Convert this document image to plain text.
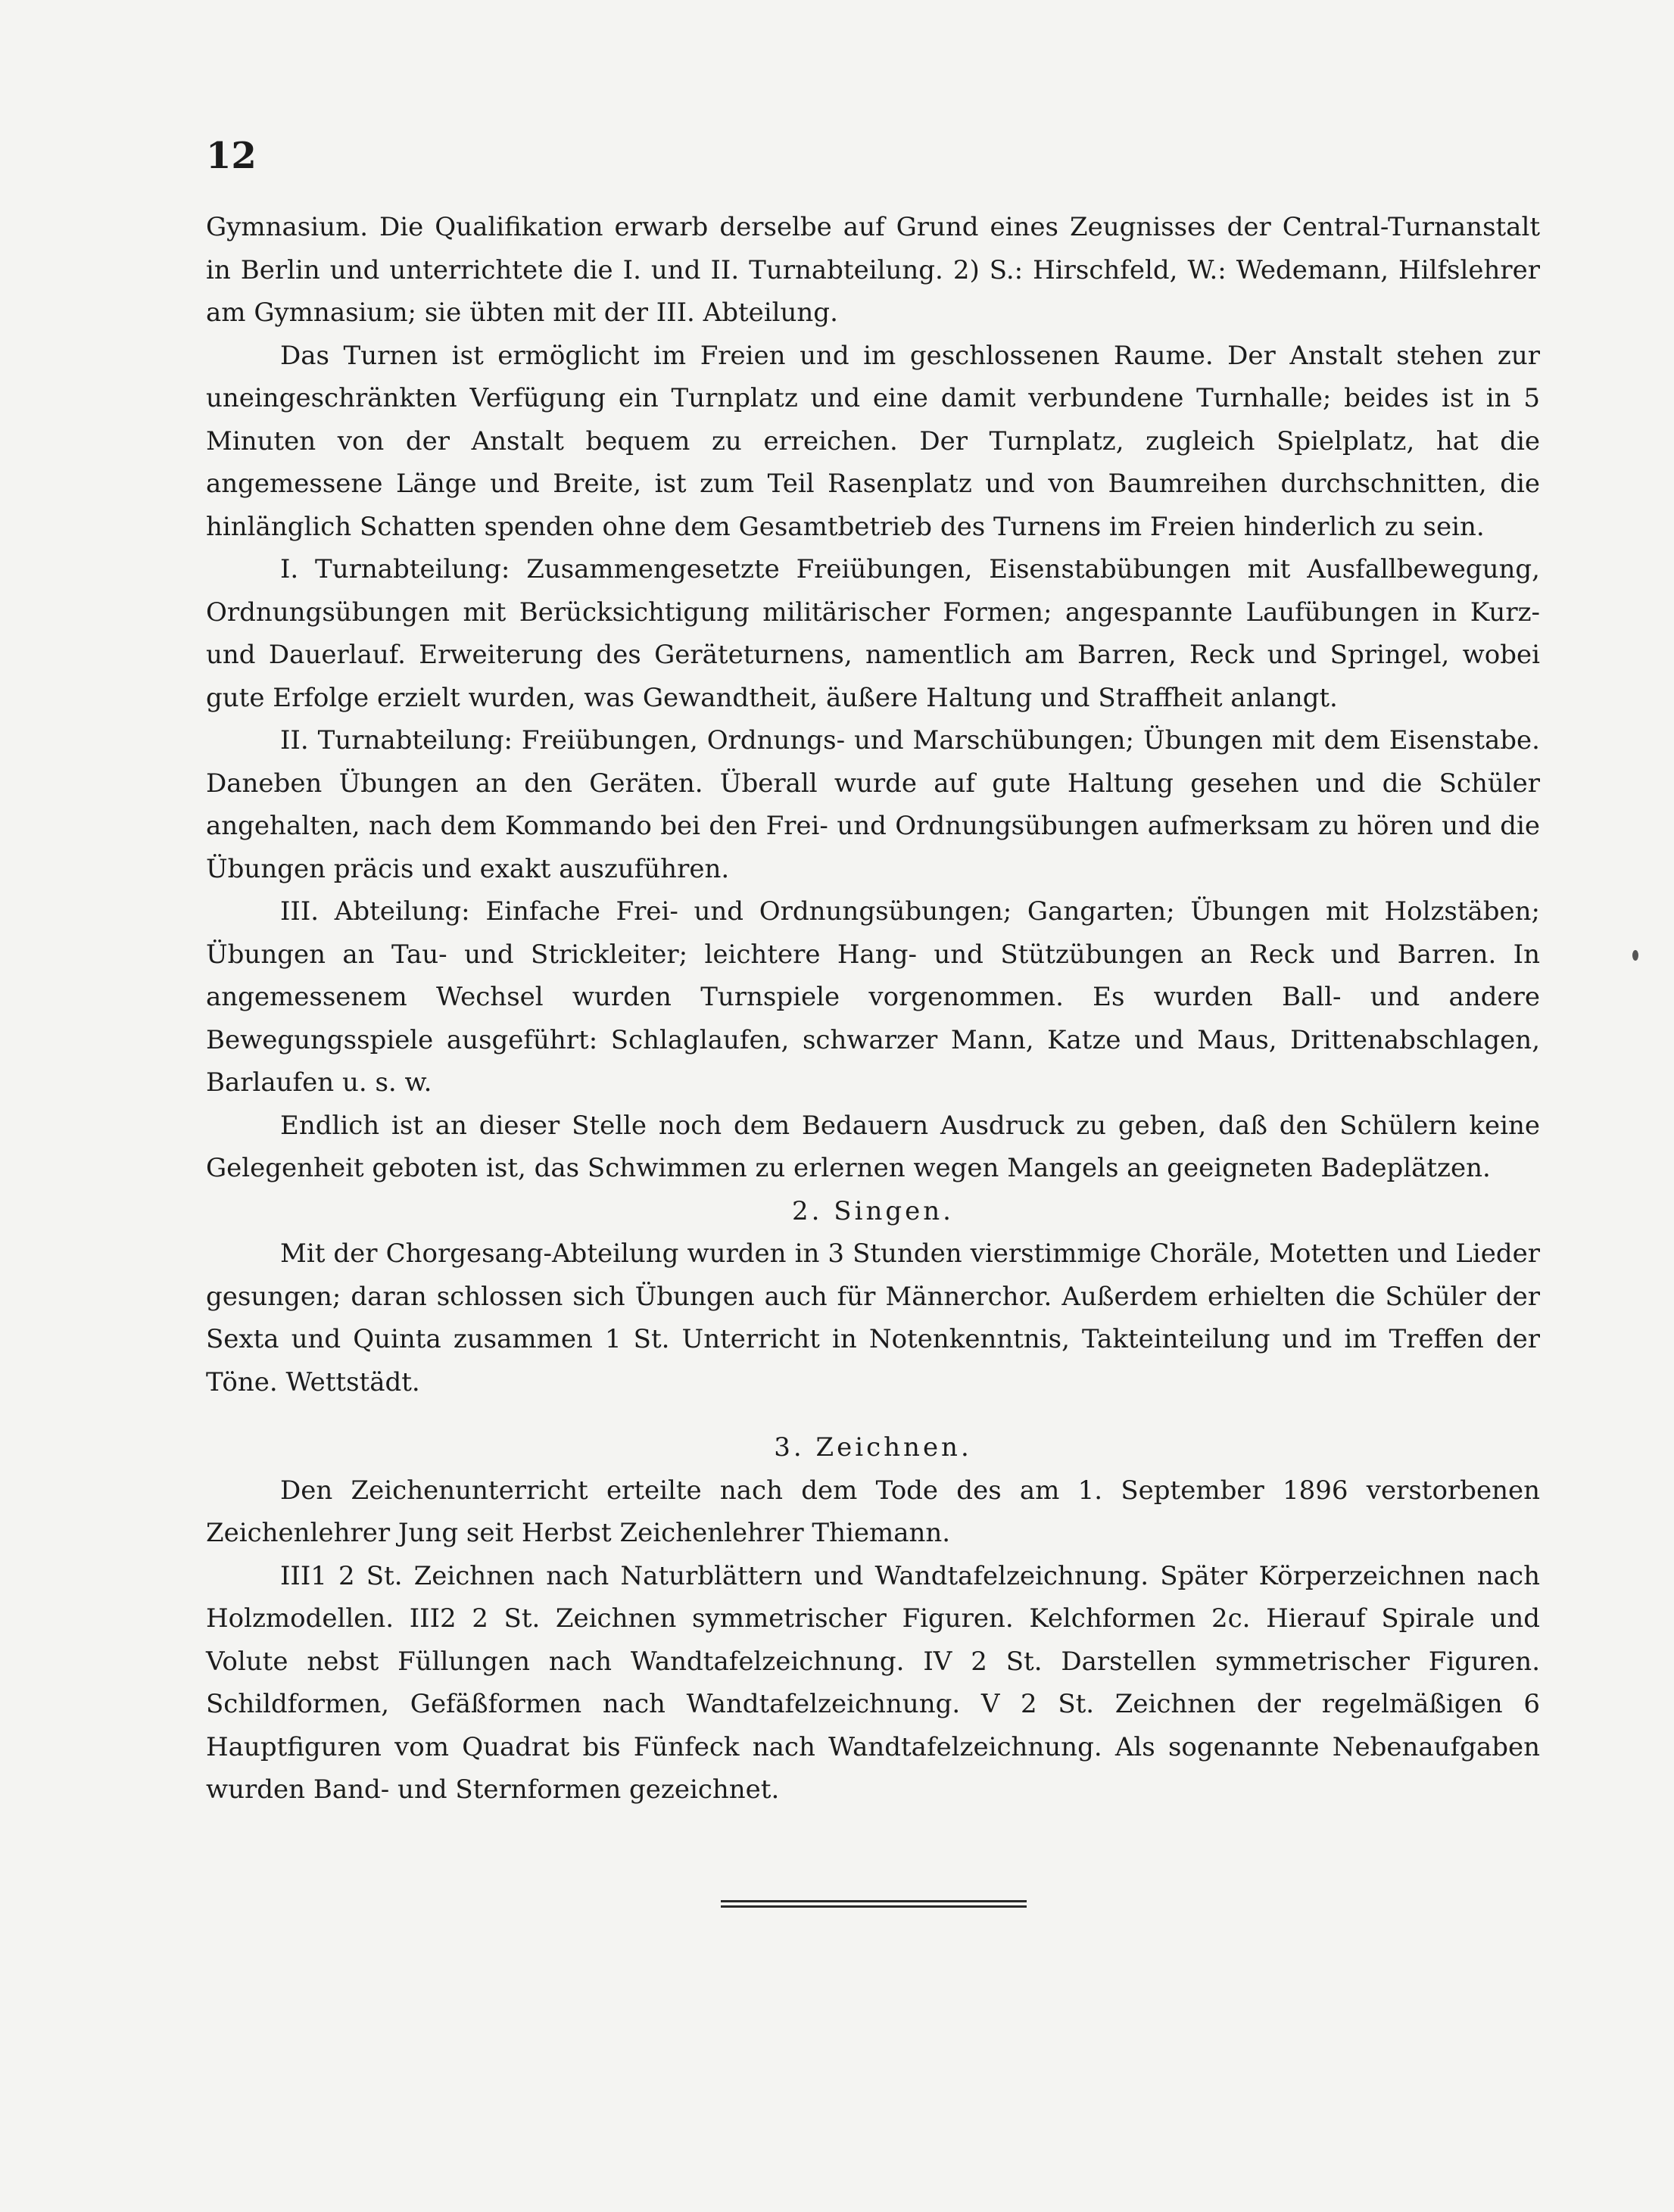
12

Gymnasium. Die Qualifikation erwarb derselbe auf Grund eines Zeugnisses der Central-Turnanstalt in Berlin und unterrichtete die I. und II. Turnabteilung. 2) S.: Hirschfeld, W.: Wedemann, Hilfslehrer am Gymnasium; sie übten mit der III. Abteilung.

Das Turnen ist ermöglicht im Freien und im geschlossenen Raume. Der Anstalt stehen zur uneingeschränkten Verfügung ein Turnplatz und eine damit verbundene Turnhalle; beides ist in 5 Minuten von der Anstalt bequem zu erreichen. Der Turnplatz, zugleich Spielplatz, hat die angemessene Länge und Breite, ist zum Teil Rasenplatz und von Baumreihen durchschnitten, die hinlänglich Schatten spenden ohne dem Gesamtbetrieb des Turnens im Freien hinderlich zu sein.

I. Turnabteilung: Zusammengesetzte Freiübungen, Eisenstabübungen mit Ausfallbewegung, Ordnungsübungen mit Berücksichtigung militärischer Formen; angespannte Laufübungen in Kurz- und Dauerlauf. Erweiterung des Geräteturnens, namentlich am Barren, Reck und Springel, wobei gute Erfolge erzielt wurden, was Gewandtheit, äußere Haltung und Straffheit anlangt.

II. Turnabteilung: Freiübungen, Ordnungs- und Marschübungen; Übungen mit dem Eisenstabe. Daneben Übungen an den Geräten. Überall wurde auf gute Haltung gesehen und die Schüler angehalten, nach dem Kommando bei den Frei- und Ordnungsübungen aufmerksam zu hören und die Übungen präcis und exakt auszuführen.

III. Abteilung: Einfache Frei- und Ordnungsübungen; Gangarten; Übungen mit Holzstäben; Übungen an Tau- und Strickleiter; leichtere Hang- und Stützübungen an Reck und Barren. In angemessenem Wechsel wurden Turnspiele vorgenommen. Es wurden Ball- und andere Bewegungsspiele ausgeführt: Schlaglaufen, schwarzer Mann, Katze und Maus, Drittenabschlagen, Barlaufen u. s. w.

Endlich ist an dieser Stelle noch dem Bedauern Ausdruck zu geben, daß den Schülern keine Gelegenheit geboten ist, das Schwimmen zu erlernen wegen Mangels an geeigneten Badeplätzen.

2. Singen.

Mit der Chorgesang-Abteilung wurden in 3 Stunden vierstimmige Choräle, Motetten und Lieder gesungen; daran schlossen sich Übungen auch für Männerchor. Außerdem erhielten die Schüler der Sexta und Quinta zusammen 1 St. Unterricht in Notenkenntnis, Takteinteilung und im Treffen der Töne. Wettstädt.

3. Zeichnen.

Den Zeichenunterricht erteilte nach dem Tode des am 1. September 1896 verstorbenen Zeichenlehrer Jung seit Herbst Zeichenlehrer Thiemann.

III1 2 St. Zeichnen nach Naturblättern und Wandtafelzeichnung. Später Körperzeichnen nach Holzmodellen. III2 2 St. Zeichnen symmetrischer Figuren. Kelchformen 2c. Hierauf Spirale und Volute nebst Füllungen nach Wandtafelzeichnung. IV 2 St. Darstellen symmetrischer Figuren. Schildformen, Gefäßformen nach Wandtafelzeichnung. V 2 St. Zeichnen der regelmäßigen 6 Hauptfiguren vom Quadrat bis Fünfeck nach Wandtafelzeichnung. Als sogenannte Nebenaufgaben wurden Band- und Sternformen gezeichnet.
